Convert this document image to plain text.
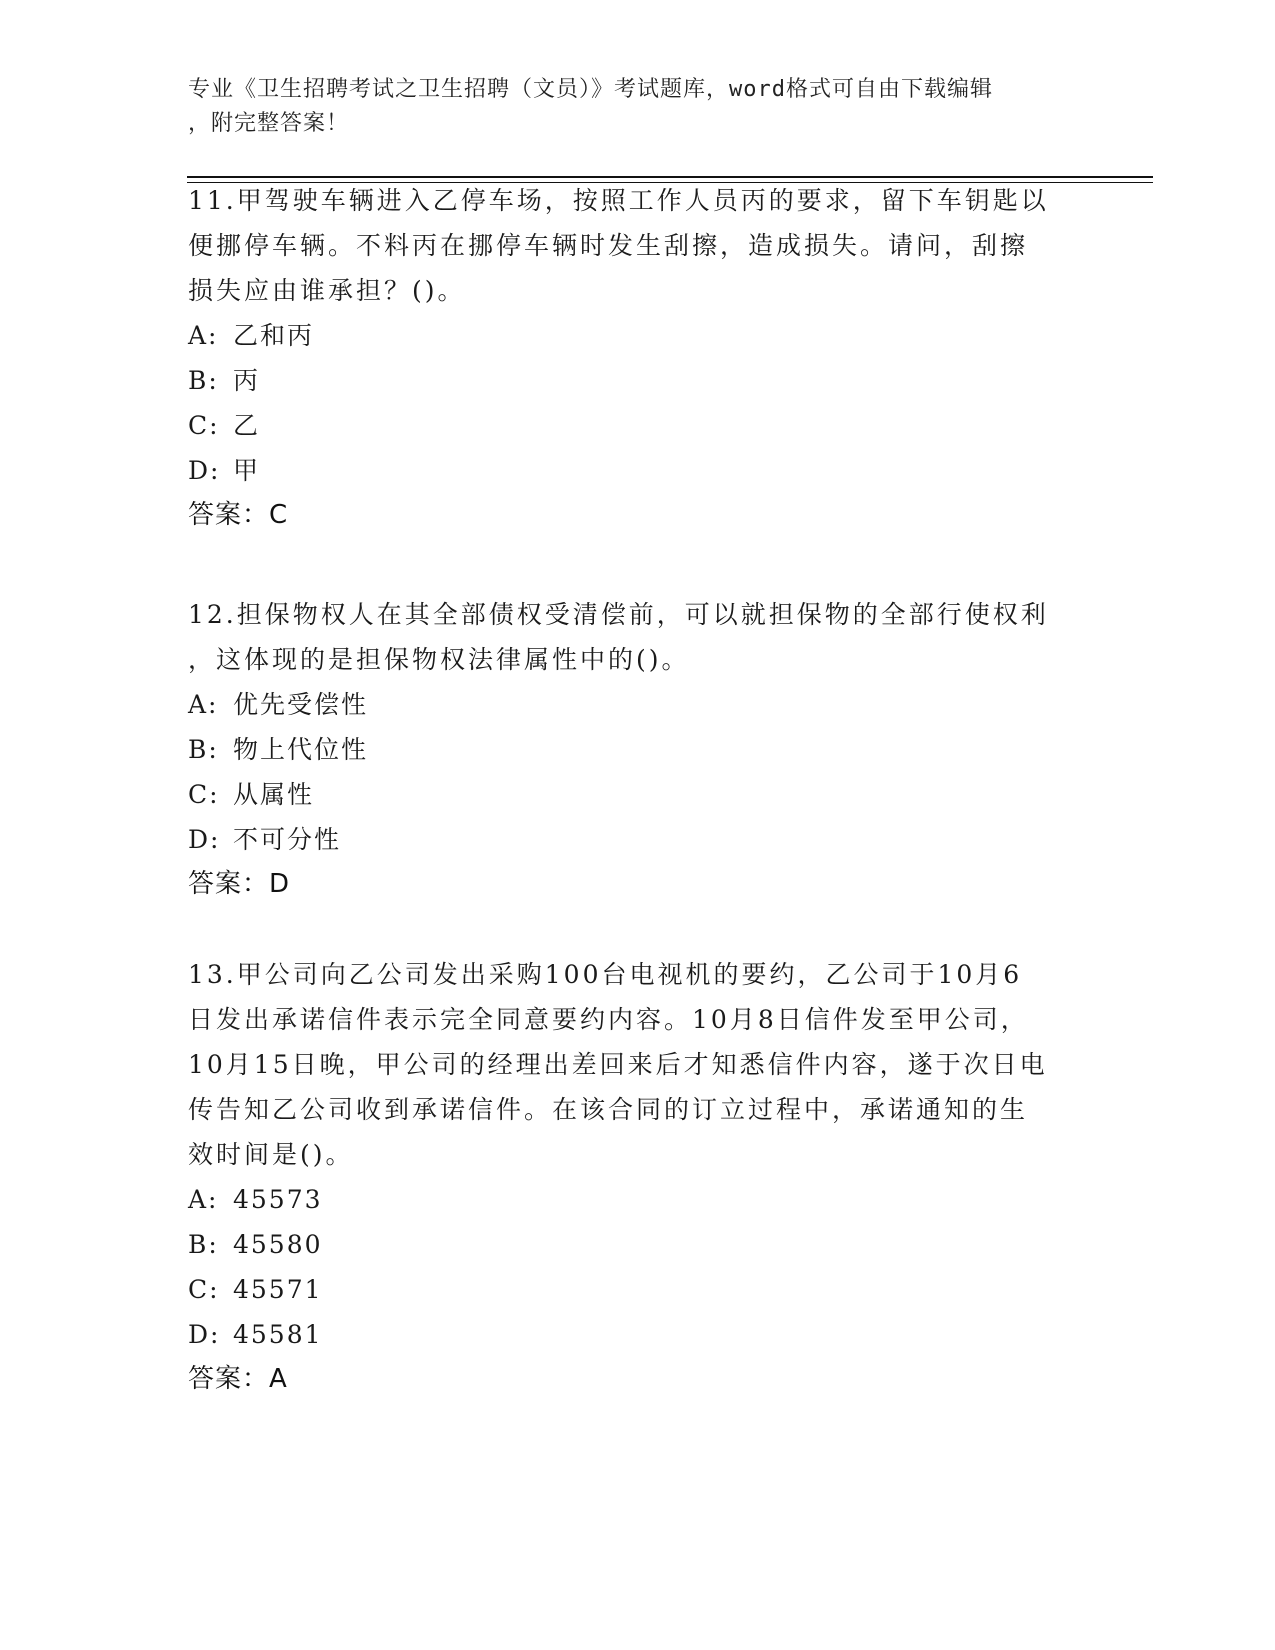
专业《卫生招聘考试之卫生招聘（文员）》考试题库，word格式可自由下载编辑
，附完整答案！
11.甲驾驶车辆进入乙停车场，按照工作人员丙的要求，留下车钥匙以
便挪停车辆。不料丙在挪停车辆时发生刮擦，造成损失。请问，刮擦
损失应由谁承担？()。
A: 乙和丙
B: 丙
C: 乙
D: 甲
答案：C
12.担保物权人在其全部债权受清偿前，可以就担保物的全部行使权利
，这体现的是担保物权法律属性中的()。
A: 优先受偿性
B: 物上代位性
C: 从属性
D: 不可分性
答案：D
13.甲公司向乙公司发出采购100台电视机的要约，乙公司于10月6
日发出承诺信件表示完全同意要约内容。10月8日信件发至甲公司，
10月15日晚，甲公司的经理出差回来后才知悉信件内容，遂于次日电
传告知乙公司收到承诺信件。在该合同的订立过程中，承诺通知的生
效时间是()。
A: 45573
B: 45580
C: 45571
D: 45581
答案：A
